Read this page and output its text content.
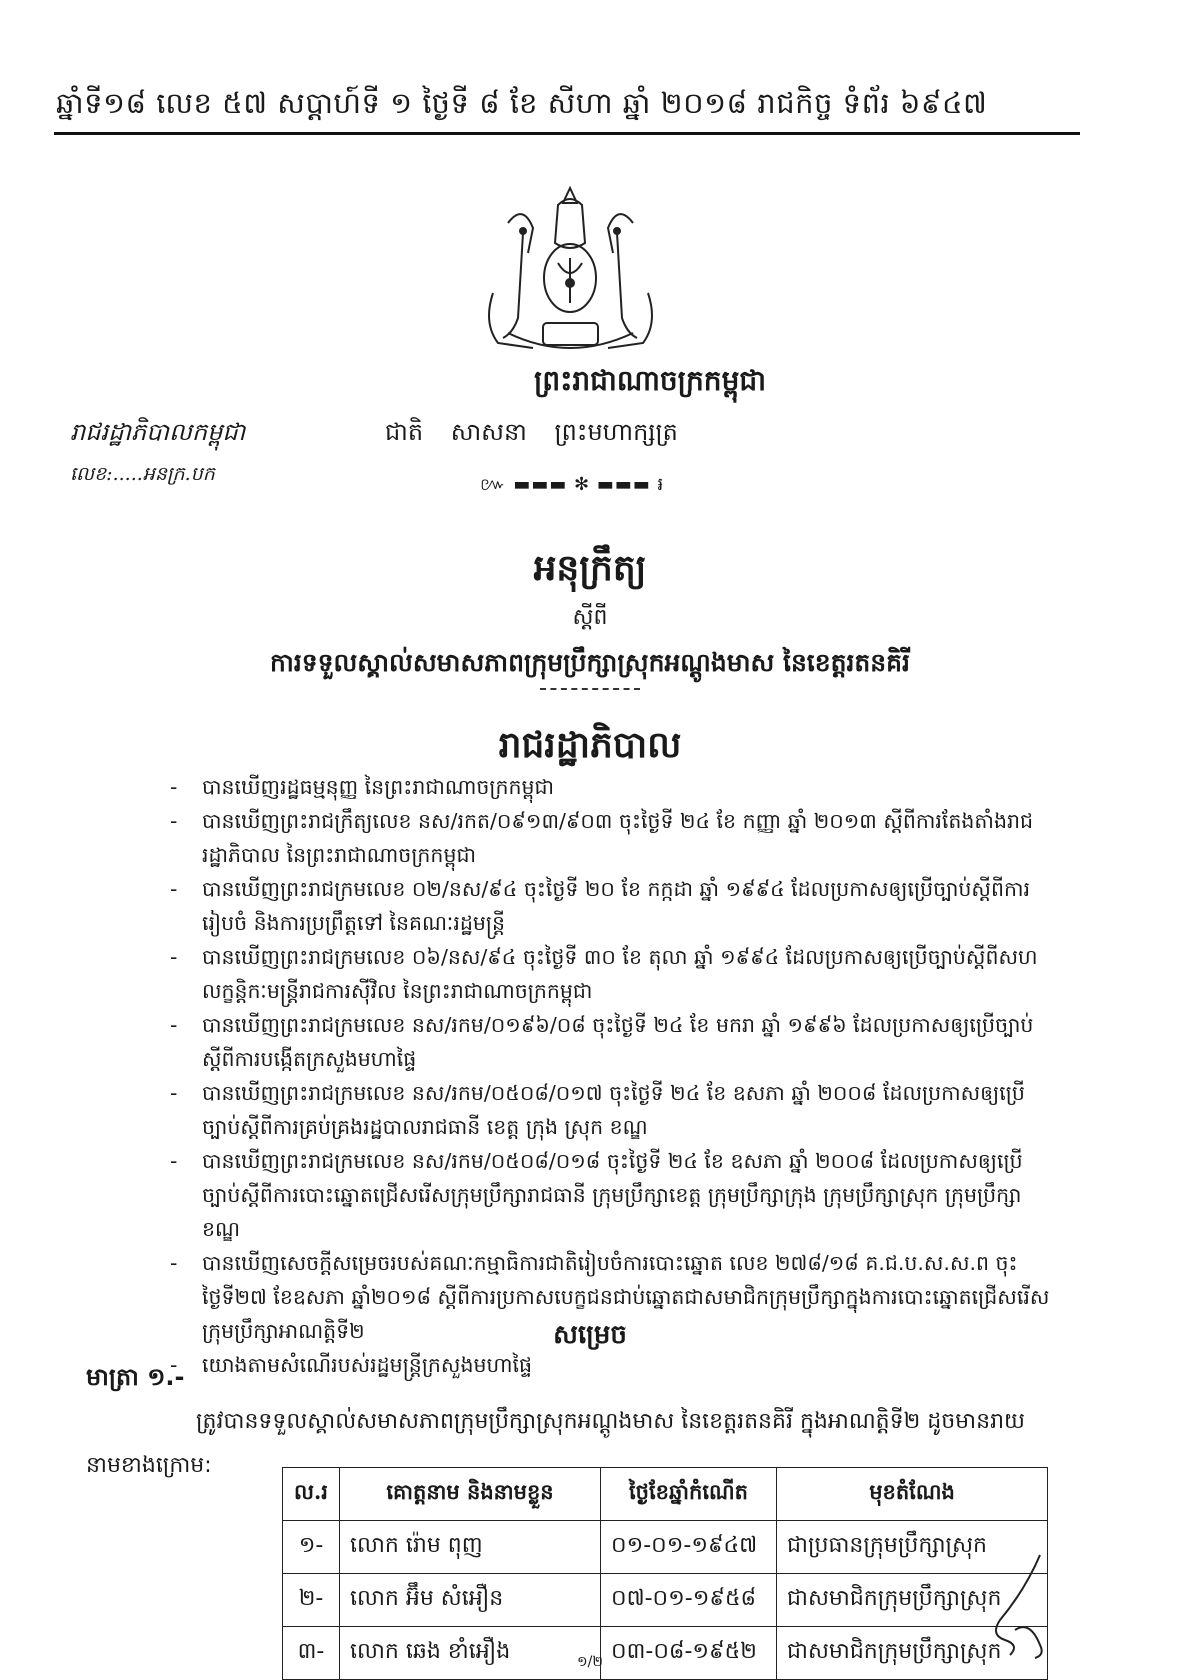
ឆ្នាំទី១៨ លេខ ៥៧ សប្ដាហ៍ទី ១ ថ្ងៃទី ៨ ខែ សីហា ឆ្នាំ ២០១៨ រាជកិច្ច ទំព័រ ៦៩៤៧
ព្រះរាជាណាចក្រកម្ពុជា
រាជរដ្ឋាភិបាលកម្ពុជា	ជាតិ សាសនា ព្រះមហាក្សត្រ
លេខ:.....អនក្រ.បក	៚ ▬▬▬ ✻ ▬▬▬ ៛
អនុក្រឹត្យ
ស្ដីពី
ការទទួលស្គាល់សមាសភាពក្រុមប្រឹក្សាស្រុកអណ្ដូងមាស នៃខេត្តរតនគិរី
រាជរដ្ឋាភិបាល
- បានឃើញរដ្ឋធម្មនុញ្ញ នៃព្រះរាជាណាចក្រកម្ពុជា
- បានឃើញព្រះរាជក្រឹត្យលេខ នស/រកត/០៩១៣/៩០៣ ចុះថ្ងៃទី ២៤ ខែ កញ្ញា ឆ្នាំ ២០១៣ ស្ដីពីការតែងតាំងរាជរដ្ឋាភិបាល នៃព្រះរាជាណាចក្រកម្ពុជា
- បានឃើញព្រះរាជក្រមលេខ ០២/នស/៩៤ ចុះថ្ងៃទី ២០ ខែ កក្កដា ឆ្នាំ ១៩៩៤ ដែលប្រកាសឲ្យប្រើច្បាប់ស្ដីពីការរៀបចំ និងការប្រព្រឹត្តទៅ នៃគណៈរដ្ឋមន្ត្រី
- បានឃើញព្រះរាជក្រមលេខ ០៦/នស/៩៤ ចុះថ្ងៃទី ៣០ ខែ តុលា ឆ្នាំ ១៩៩៤ ដែលប្រកាសឲ្យប្រើច្បាប់ស្ដីពីសហលក្ខន្តិកៈមន្ត្រីរាជការស៊ីវិល នៃព្រះរាជាណាចក្រកម្ពុជា
- បានឃើញព្រះរាជក្រមលេខ នស/រកម/០១៩៦/០៨ ចុះថ្ងៃទី ២៤ ខែ មករា ឆ្នាំ ១៩៩៦ ដែលប្រកាសឲ្យប្រើច្បាប់ស្ដីពីការបង្កើតក្រសួងមហាផ្ទៃ
- បានឃើញព្រះរាជក្រមលេខ នស/រកម/០៥០៨/០១៧ ចុះថ្ងៃទី ២៤ ខែ ឧសភា ឆ្នាំ ២០០៨ ដែលប្រកាសឲ្យប្រើច្បាប់ស្ដីពីការគ្រប់គ្រងរដ្ឋបាលរាជធានី ខេត្ត ក្រុង ស្រុក ខណ្ឌ
- បានឃើញព្រះរាជក្រមលេខ នស/រកម/០៥០៨/០១៨ ចុះថ្ងៃទី ២៤ ខែ ឧសភា ឆ្នាំ ២០០៨ ដែលប្រកាសឲ្យប្រើច្បាប់ស្ដីពីការបោះឆ្នោតជ្រើសរើសក្រុមប្រឹក្សារាជធានី ក្រុមប្រឹក្សាខេត្ត ក្រុមប្រឹក្សាក្រុង ក្រុមប្រឹក្សាស្រុក ក្រុមប្រឹក្សាខណ្ឌ
- បានឃើញសេចក្ដីសម្រេចរបស់គណៈកម្មាធិការជាតិរៀបចំការបោះឆ្នោត លេខ ២៧៨/១៨ គ.ជ.ប.ស.ស.ព ចុះថ្ងៃទី២៧ ខែឧសភា ឆ្នាំ២០១៨ ស្ដីពីការប្រកាសបេក្ខជនជាប់ឆ្នោតជាសមាជិកក្រុមប្រឹក្សាក្នុងការបោះឆ្នោតជ្រើសរើសក្រុមប្រឹក្សាអាណត្តិទី២
- យោងតាមសំណើរបស់រដ្ឋមន្ត្រីក្រសួងមហាផ្ទៃ
សម្រេច
មាត្រា ១.-
ត្រូវបានទទួលស្គាល់សមាសភាពក្រុមប្រឹក្សាស្រុកអណ្ដូងមាស នៃខេត្តរតនគិរី ក្នុងអាណត្តិទី២ ដូចមានរាយនាមខាងក្រោម:
ល.រ	គោត្តនាម និងនាមខ្លួន	ថ្ងៃខែឆ្នាំកំណើត	មុខតំណែង
១-	លោក រ៉ោម ពុញ	០១-០១-១៩៤៧	ជាប្រធានក្រុមប្រឹក្សាស្រុក
២-	លោក អ៊ឹម សំអឿន	០៧-០១-១៩៥៨	ជាសមាជិកក្រុមប្រឹក្សាស្រុក
៣-	លោក ឆេង ខាំអឿង	០៣-០៨-១៩៥២	ជាសមាជិកក្រុមប្រឹក្សាស្រុក
១/២
